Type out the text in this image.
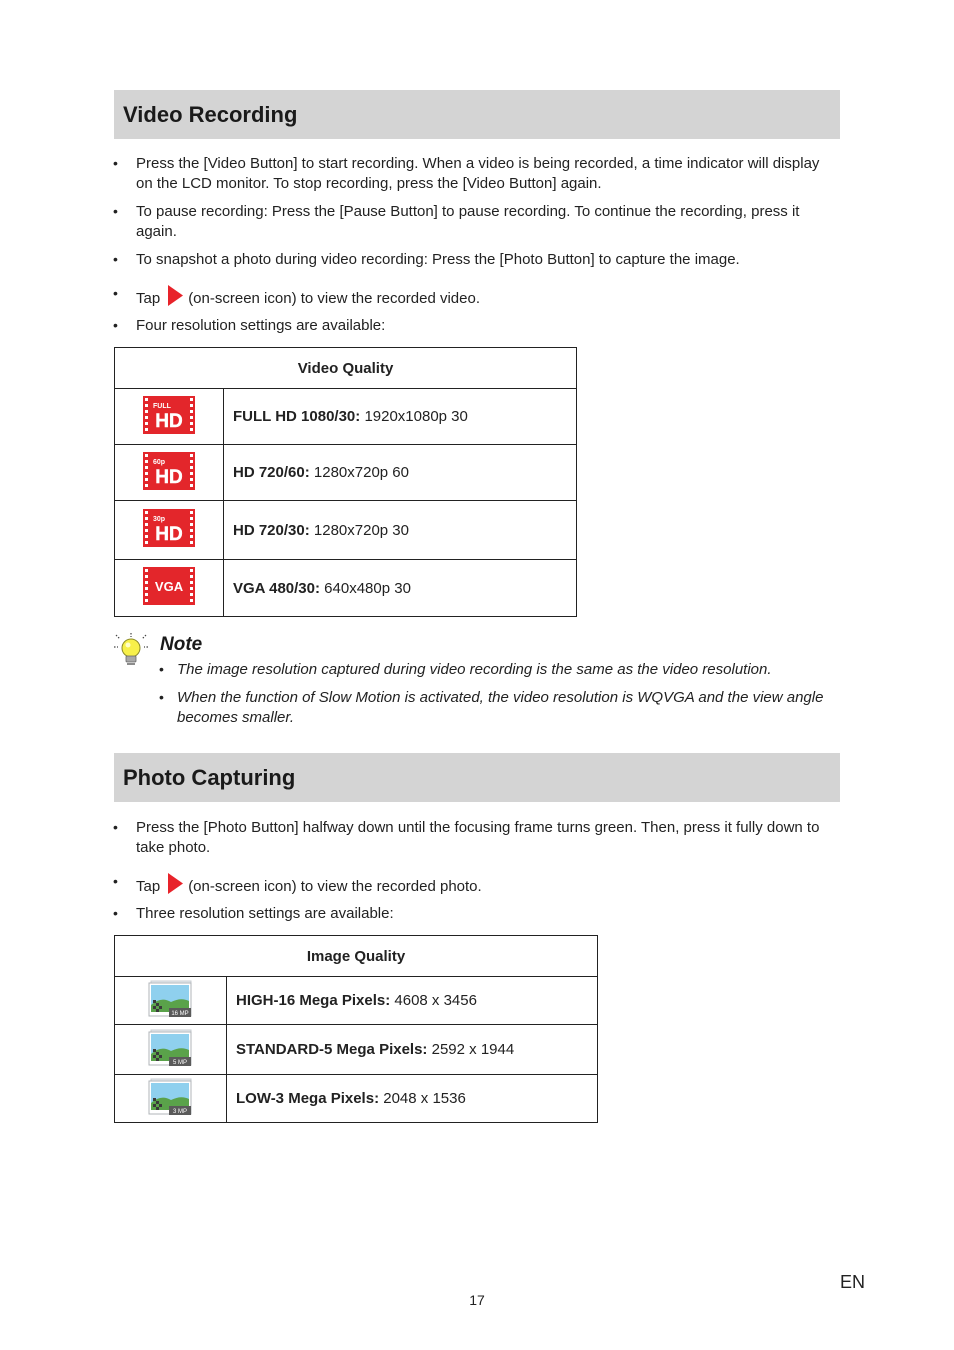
Video Recording
• Press the [Video Button] to start recording. When a video is being recorded, a time indicator will display on the LCD monitor. To stop recording, press the [Video Button] again.
• To pause recording: Press the [Pause Button] to pause recording. To continue the recording, press it again.
• To snapshot a photo during video recording: Press the [Photo Button] to capture the image.
• Tap (on-screen icon) to view the recorded video.
• Four resolution settings are available:
Video Quality	

FULL
HD	FULL HD 1080/30: 1920x1080p 30

60p
HD	HD 720/60: 1280x720p 60

30p
HD	HD 720/30: 1280x720p 30

VGA	VGA 480/30: 640x480p 30
Note
• The image resolution captured during video recording is the same as the video resolution.
• When the function of Slow Motion is activated, the video resolution is WQVGA and the view angle becomes smaller.
Photo Capturing
• Press the [Photo Button] halfway down until the focusing frame turns green. Then, press it fully down to take photo.
• Tap (on-screen icon) to view the recorded photo.
• Three resolution settings are available:
Image Quality	

16 MP	HIGH-16 Mega Pixels: 4608 x 3456

5 MP	STANDARD-5 Mega Pixels: 2592 x 1944

3 MP	LOW-3 Mega Pixels: 2048 x 1536
EN
17
